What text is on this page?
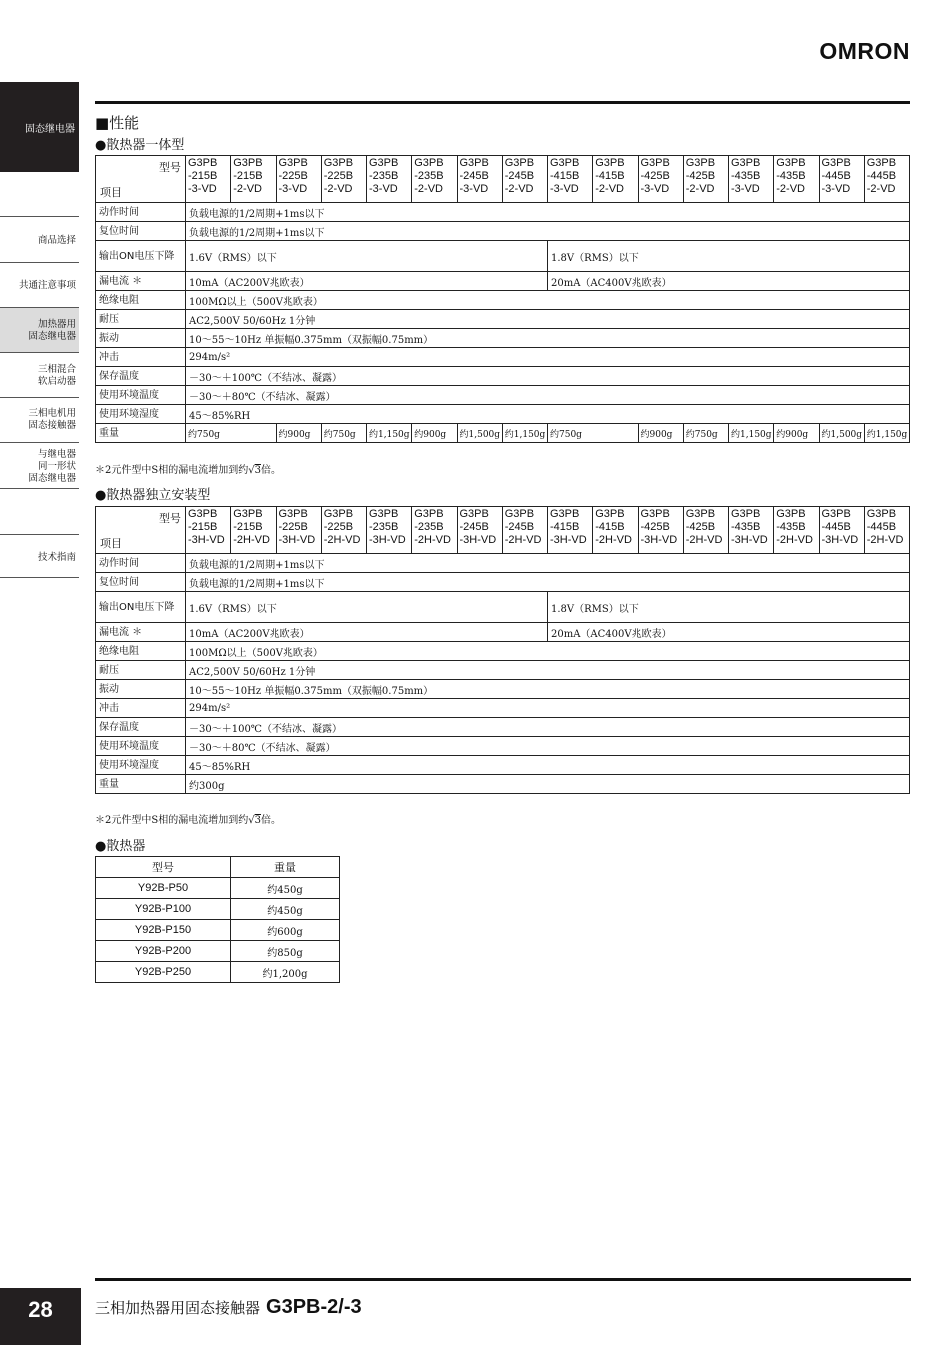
OMRON
固态继电器
商品选择
共通注意事项
加热器用
固态继电器
三相混合
软启动器
三相电机用
固态接触器
与继电器
同一形状
固态继电器
技术指南
■性能
●散热器一体型
型号
项目	G3PB -215B -3-VD	G3PB -215B -2-VD	G3PB -225B -3-VD	G3PB -225B -2-VD	G3PB -235B -3-VD	G3PB -235B -2-VD	G3PB -245B -3-VD	G3PB -245B -2-VD	G3PB -415B -3-VD	G3PB -415B -2-VD	G3PB -425B -3-VD	G3PB -425B -2-VD	G3PB -435B -3-VD	G3PB -435B -2-VD	G3PB -445B -3-VD	G3PB -445B -2-VD
动作时间	负载电源的1/2周期+1ms以下															
复位时间	负载电源的1/2周期+1ms以下															
输出ON电压下降	1.6V（RMS）以下								1.8V（RMS）以下							
漏电流 ＊	10mA（AC200V兆欧表）								20mA（AC400V兆欧表）							
绝缘电阻	100MΩ以上（500V兆欧表）															
耐压	AC2,500V 50/60Hz 1分钟															
振动	10～55～10Hz 单振幅0.375mm（双振幅0.75mm）															
冲击	294m/s²															
保存温度	－30～＋100℃（不结冰、凝露）															
使用环境温度	－30～＋80℃（不结冰、凝露）															
使用环境湿度	45～85%RH															
重量	约750g		约900g	约750g	约1,150g	约900g	约1,500g	约1,150g	约750g		约900g	约750g	约1,150g	约900g	约1,500g	约1,150g
＊2元件型中S相的漏电流增加到约√3倍。
●散热器独立安装型
型号
项目	G3PB -215B -3H-VD	G3PB -215B -2H-VD	G3PB -225B -3H-VD	G3PB -225B -2H-VD	G3PB -235B -3H-VD	G3PB -235B -2H-VD	G3PB -245B -3H-VD	G3PB -245B -2H-VD	G3PB -415B -3H-VD	G3PB -415B -2H-VD	G3PB -425B -3H-VD	G3PB -425B -2H-VD	G3PB -435B -3H-VD	G3PB -435B -2H-VD	G3PB -445B -3H-VD	G3PB -445B -2H-VD
动作时间	负载电源的1/2周期+1ms以下															
复位时间	负载电源的1/2周期+1ms以下															
输出ON电压下降	1.6V（RMS）以下								1.8V（RMS）以下							
漏电流 ＊	10mA（AC200V兆欧表）								20mA（AC400V兆欧表）							
绝缘电阻	100MΩ以上（500V兆欧表）															
耐压	AC2,500V 50/60Hz 1分钟															
振动	10～55～10Hz 单振幅0.375mm（双振幅0.75mm）															
冲击	294m/s²															
保存温度	－30～＋100℃（不结冰、凝露）															
使用环境温度	－30～＋80℃（不结冰、凝露）															
使用环境湿度	45～85%RH															
重量	约300g															
＊2元件型中S相的漏电流增加到约√3倍。
●散热器
型号	重量
Y92B-P50	约450g
Y92B-P100	约450g
Y92B-P150	约600g
Y92B-P200	约850g
Y92B-P250	约1,200g
28	三相加热器用固态接触器 G3PB-2/-3
